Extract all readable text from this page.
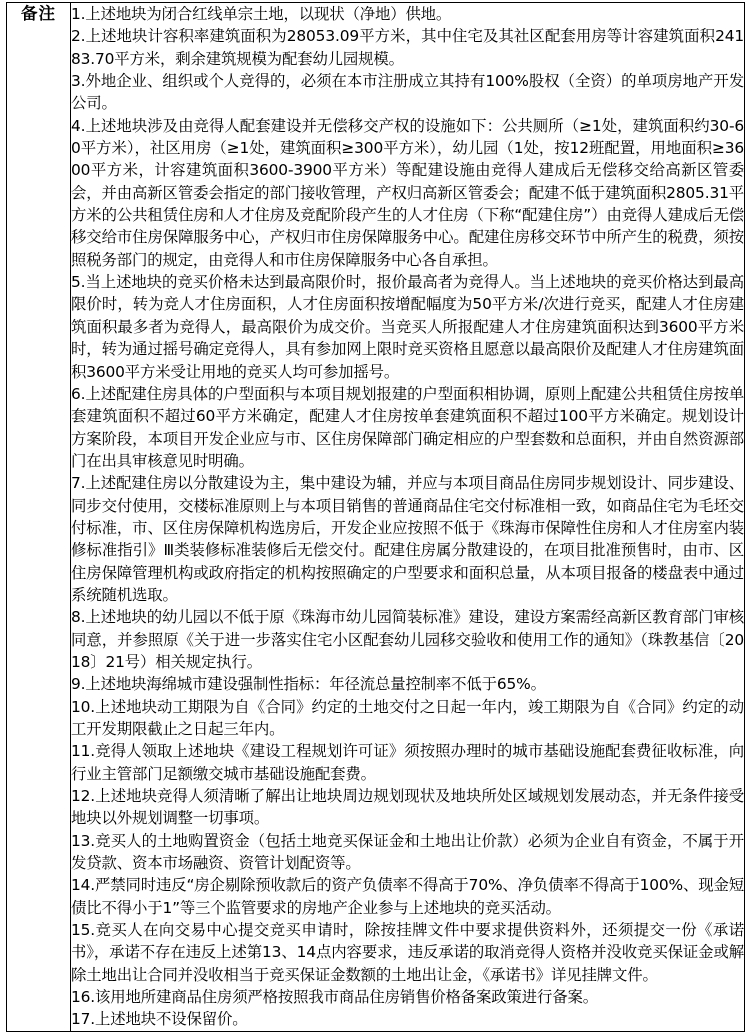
备注	1.上述地块为闭合红线单宗土地，以现状（净地）供地。
2.上述地块计容积率建筑面积为28053.09平方米，其中住宅及其社区配套用房等计容建筑面积24183.70平方米，剩余建筑规模为配套幼儿园规模。
3.外地企业、组织或个人竞得的，必须在本市注册成立其持有100%股权（全资）的单项房地产开发公司。
4.上述地块涉及由竞得人配套建设并无偿移交产权的设施如下：公共厕所（≥1处，建筑面积约30-60平方米），社区用房（≥1处，建筑面积≥300平方米），幼儿园（1处，按12班配置，用地面积≥3600平方米，计容建筑面积3600-3900平方米）等配建设施由竞得人建成后无偿移交给高新区管委会，并由高新区管委会指定的部门接收管理，产权归高新区管委会；配建不低于建筑面积2805.31平方米的公共租赁住房和人才住房及竞配阶段产生的人才住房（下称“配建住房”）由竞得人建成后无偿移交给市住房保障服务中心，产权归市住房保障服务中心。配建住房移交环节中所产生的税费，须按照税务部门的规定，由竞得人和市住房保障服务中心各自承担。
5.当上述地块的竞买价格未达到最高限价时，报价最高者为竞得人。当上述地块的竞买价格达到最高限价时，转为竞人才住房面积，人才住房面积按增配幅度为50平方米/次进行竞买，配建人才住房建筑面积最多者为竞得人，最高限价为成交价。当竞买人所报配建人才住房建筑面积达到3600平方米时，转为通过摇号确定竞得人，具有参加网上限时竞买资格且愿意以最高限价及配建人才住房建筑面积3600平方米受让用地的竞买人均可参加摇号。
6.上述配建住房具体的户型面积与本项目规划报建的户型面积相协调，原则上配建公共租赁住房按单套建筑面积不超过60平方米确定，配建人才住房按单套建筑面积不超过100平方米确定。规划设计方案阶段，本项目开发企业应与市、区住房保障部门确定相应的户型套数和总面积，并由自然资源部门在出具审核意见时明确。
7.上述配建住房以分散建设为主，集中建设为辅，并应与本项目商品住房同步规划设计、同步建设、同步交付使用，交楼标准原则上与本项目销售的普通商品住宅交付标准相一致，如商品住宅为毛坯交付标准，市、区住房保障机构选房后，开发企业应按照不低于《珠海市保障性住房和人才住房室内装修标准指引》Ⅲ类装修标准装修后无偿交付。配建住房属分散建设的，在项目批准预售时，由市、区住房保障管理机构或政府指定的机构按照确定的户型要求和面积总量，从本项目报备的楼盘表中通过系统随机选取。
8.上述地块的幼儿园以不低于原《珠海市幼儿园简装标准》建设，建设方案需经高新区教育部门审核同意，并参照原《关于进一步落实住宅小区配套幼儿园移交验收和使用工作的通知》（珠教基信〔2018〕21号）相关规定执行。
9.上述地块海绵城市建设强制性指标：年径流总量控制率不低于65%。
10.上述地块动工期限为自《合同》约定的土地交付之日起一年内，竣工期限为自《合同》约定的动工开发期限截止之日起三年内。
11.竞得人领取上述地块《建设工程规划许可证》须按照办理时的城市基础设施配套费征收标准，向行业主管部门足额缴交城市基础设施配套费。
12.上述地块竞得人须清晰了解出让地块周边规划现状及地块所处区域规划发展动态，并无条件接受地块以外规划调整一切事项。
13.竞买人的土地购置资金（包括土地竞买保证金和土地出让价款）必须为企业自有资金，不属于开发贷款、资本市场融资、资管计划配资等。
14.严禁同时违反“房企剔除预收款后的资产负债率不得高于70%、净负债率不得高于100%、现金短债比不得小于1”等三个监管要求的房地产企业参与上述地块的竞买活动。
15.竞买人在向交易中心提交竞买申请时，除按挂牌文件中要求提供资料外，还须提交一份《承诺书》，承诺不存在违反上述第13、14点内容要求，违反承诺的取消竞得人资格并没收竞买保证金或解除土地出让合同并没收相当于竞买保证金数额的土地出让金，《承诺书》详见挂牌文件。
16.该用地所建商品住房须严格按照我市商品住房销售价格备案政策进行备案。
17.上述地块不设保留价。
